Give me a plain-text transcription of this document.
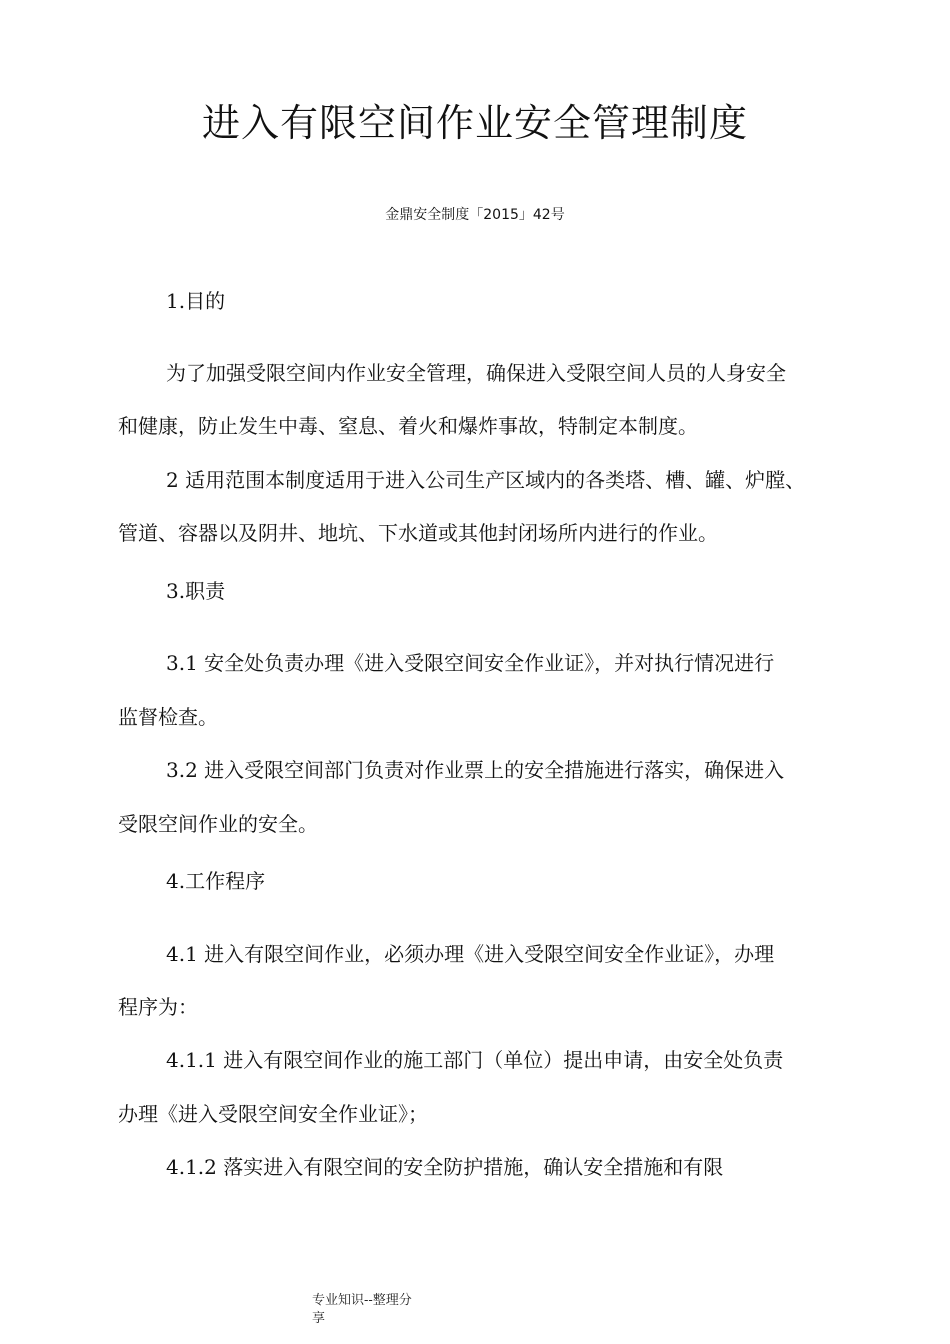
进入有限空间作业安全管理制度
金鼎安全制度「2015」42号
1.目的
为了加强受限空间内作业安全管理，确保进入受限空间人员的人身安全
和健康，防止发生中毒、窒息、着火和爆炸事故，特制定本制度。
2 适用范围本制度适用于进入公司生产区域内的各类塔、槽、罐、炉膛、
管道、容器以及阴井、地坑、下水道或其他封闭场所内进行的作业。
3.职责
3.1 安全处负责办理《进入受限空间安全作业证》，并对执行情况进行
监督检查。
3.2 进入受限空间部门负责对作业票上的安全措施进行落实，确保进入
受限空间作业的安全。
4.工作程序
4.1 进入有限空间作业，必须办理《进入受限空间安全作业证》，办理
程序为：
4.1.1 进入有限空间作业的施工部门（单位）提出申请，由安全处负责
办理《进入受限空间安全作业证》；
4.1.2 落实进入有限空间的安全防护措施，确认安全措施和有限
专业知识--整理分
享
